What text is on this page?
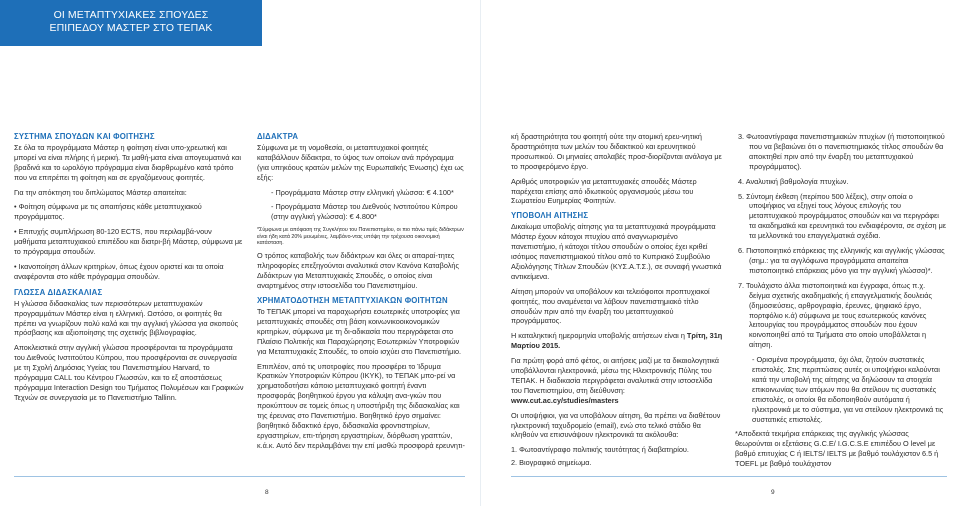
ΟΙ ΜΕΤΑΠΤΥΧΙΑΚΕΣ ΣΠΟΥΔΕΣ
ΕΠΙΠΕΔΟΥ ΜΑΣΤΕΡ ΣΤΟ ΤΕΠΑΚ
ΣΥΣΤΗΜΑ ΣΠΟΥΔΩΝ ΚΑΙ ΦΟΙΤΗΣΗΣ

Σε όλα τα προγράμματα Μάστερ η φοίτηση είναι υπο-χρεωτική και μπορεί να είναι πλήρης ή μερική. Τα μαθή-ματα είναι απογευματινά και βραδινά και το ωρολόγιο πρόγραμμα είναι διαρθρωμένο κατά τρόπο που να επιτρέπει τη φοίτηση και σε εργαζόμενους φοιτητές.

Για την απόκτηση του διπλώματος Μάστερ απαιτείται:

• Φοίτηση σύμφωνα με τις απαιτήσεις κάθε μεταπτυχιακού προγράμματος.

• Επιτυχής συμπλήρωση 80-120 ECTS, που περιλαμβά-νουν μαθήματα μεταπτυχιακού επιπέδου και διατρι-βή Μάστερ, σύμφωνα με το πρόγραμμα σπουδών.

• Ικανοποίηση άλλων κριτηρίων, όπως έχουν οριστεί και τα οποία αναφέρονται στο κάθε πρόγραμμα σπουδών.

ΓΛΩΣΣΑ ΔΙΔΑΣΚΑΛΙΑΣ

Η γλώσσα διδασκαλίας των περισσότερων μεταπτυχιακών προγραμμάτων Μάστερ είναι η ελληνική. Ωστόσο, οι φοιτητές θα πρέπει να γνωρίζουν πολύ καλά και την αγγλική γλώσσα για σκοπούς πρόσβασης και αξιοποίησης της σχετικής βιβλιογραφίας.

Αποκλειστικά στην αγγλική γλώσσα προσφέρονται τα προγράμματα του Διεθνούς Ινστιτούτου Κύπρου, που προσφέρονται σε συνεργασία με τη Σχολή Δημόσιας Υγείας του Πανεπιστημίου Harvard, το πρόγραμμα CALL του Κέντρου Γλωσσών, και το εξ αποστάσεως πρόγραμμα Interaction Design του Τμήματος Πολυμέσων και Γραφικών Τεχνών σε συνεργασία με το Πανεπιστήμιο Tallinn.

ΔΙΔΑΚΤΡΑ

Σύμφωνα με τη νομοθεσία, οι μεταπτυχιακοί φοιτητές καταβάλλουν δίδακτρα, το ύψος των οποίων ανά πρόγραμμα (για υπηκόους κρατών μελών της Ευρωπαϊκής Ένωσης) έχει ως εξής:

- Προγράμματα Μάστερ στην ελληνική γλώσσα: € 4.100*

- Προγράμματα Μάστερ του Διεθνούς Ινστιτούτου Κύπρου (στην αγγλική γλώσσα): € 4.800*

*Σύμφωνα με απόφαση της Συγκλήτου του Πανεπιστημίου, οι πιο πάνω τιμές διδάκτρων είναι ήδη κατά 20% μειωμένες, λαμβάνο-ντας υπόψη την τρέχουσα οικονομική κατάσταση.

Ο τρόπος καταβολής των διδάκτρων και όλες οι απαραί-τητες πληροφορίες επεξηγούνται αναλυτικά στον Κανόνα Καταβολής Διδάκτρων για Μεταπτυχιακές Σπουδές, ο οποίος είναι αναρτημένος στην ιστοσελίδα του Πανεπιστημίου.

ΧΡΗΜΑΤΟΔΟΤΗΣΗ ΜΕΤΑΠΤΥΧΙΑΚΩΝ ΦΟΙΤΗΤΩΝ

Το ΤΕΠΑΚ μπορεί να παραχωρήσει εσωτερικές υποτροφίες για μεταπτυχιακές σπουδές στη βάση κοινωνικοοικονομικών κριτηρίων, σύμφωνα με τη δι-αδικασία που περιγράφεται στο Πλαίσιο Πολιτικής και Παραχώρησης Εσωτερικών Υποτροφιών για Μεταπτυχιακές Σπουδές, το οποίο ισχύει στο Πανεπιστήμιο.

Επιπλέον, από τις υποτροφίες που προσφέρει το Ίδρυμα Κρατικών Υποτροφιών Κύπρου (ΙΚΥΚ), το ΤΕΠΑΚ μπο-ρεί να χρηματοδοτήσει κάποιο μεταπτυχιακό φοιτητή έναντι προσφοράς βοηθητικού έργου για κάλυψη ανα-γκών που προκύπτουν σε τομείς όπως η υποστήριξη της διδασκαλίας και της έρευνας στο Πανεπιστήμιο. Βοηθητικό έργο σημαίνει: βοηθητικό διδακτικό έργο, διδασκαλία φροντιστηρίων, εργαστηρίων, επι-τήρηση εργαστηρίων, διόρθωση γραπτών, κ.ά.κ. Αυτό δεν περιλαμβάνει την επί μισθώ προσφορά ερευνητι-

8

κή δραστηριότητα του φοιτητή ούτε την ατομική ερευ-νητική δραστηριότητα των μελών του διδακτικού και ερευνητικού προσωπικού. Οι μηνιαίες απολαβές προσ-διορίζονται ανάλογα με το προσφερόμενο έργο.

Αριθμός υποτροφιών για μεταπτυχιακές σπουδές Μάστερ παρέχεται επίσης από ιδιωτικούς οργανισμούς μέσω του Σωματείου Ευημερίας Φοιτητών.

ΥΠΟΒΟΛΗ ΑΙΤΗΣΗΣ

Δικαίωμα υποβολής αίτησης για τα μεταπτυχιακά προγράμματα Μάστερ έχουν κάτοχοι πτυχίου από αναγνωρισμένο πανεπιστήμιο, ή κάτοχοι τίτλου σπουδών ο οποίος έχει κριθεί ισότιμος πανεπιστημιακού τίτλου από το Κυπριακό Συμβούλιο Αξιολόγησης Τίτλων Σπουδών (ΚΥΣ.Α.Τ.Σ.), σε συναφή γνωστικά αντικείμενα.

Αίτηση μπορούν να υποβάλουν και τελειόφοιτοι προπτυχιακοί φοιτητές, που αναμένεται να λάβουν πανεπιστημιακό τίτλο σπουδών πριν από την έναρξη του μεταπτυχιακού προγράμματος.

Η καταληκτική ημερομηνία υποβολής αιτήσεων είναι η Τρίτη, 31η Μαρτίου 2015.

Για πρώτη φορά από φέτος, οι αιτήσεις μαζί με τα δικαιολογητικά υποβάλλονται ηλεκτρονικά, μέσω της Ηλεκτρονικής Πύλης του ΤΕΠΑΚ. Η διαδικασία περιγράφεται αναλυτικά στην ιστοσελίδα του Πανεπιστημίου, στη διεύθυνση: www.cut.ac.cy/studies/masters

Οι υποψήφιοι, για να υποβάλουν αίτηση, θα πρέπει να διαθέτουν ηλεκτρονική ταχυδρομείο (email), ενώ στο τελικό στάδιο θα κληθούν να επισυνάψουν ηλεκτρονικά τα ακόλουθα:

1. Φωτοαντίγραφο πολιτικής ταυτότητας ή διαβατηρίου.

2. Βιογραφικό σημείωμα.

3. Φωτοαντίγραφα πανεπιστημιακών πτυχίων (ή πιστοποιητικού που να βεβαιώνει ότι ο πανεπιστημιακός τίτλος σπουδών θα αποκτηθεί πριν από την έναρξη του μεταπτυχιακού προγράμματος).

4. Αναλυτική βαθμολογία πτυχίων.

5. Σύντομη έκθεση (περίπου 500 λέξεις), στην οποία ο υποψήφιος να εξηγεί τους λόγους επιλογής του μεταπτυχιακού προγράμματος σπουδών και να περιγράφει τα ακαδημαϊκά και ερευνητικά του ενδιαφέροντα, σε σχέση με τα μελλοντικά του επαγγελματικά σχέδια.

6. Πιστοποιητικό επάρκειας της ελληνικής και αγγλικής γλώσσας (σημ.: για τα αγγλόφωνα προγράμματα απαιτείται πιστοποιητικό επάρκειας μόνο για την αγγλική γλώσσα)*.

7. Τουλάχιστο άλλα πιστοποιητικά και έγγραφα, όπως π.χ. δείγμα σχετικής ακαδημαϊκής ή επαγγελματικής δουλειάς (δημοσιεύσεις, αρθρογραφία, έρευνες, ψηφιακό έργο, πορτφόλιο κ.ά) σύμφωνα με τους εσωτερικούς κανόνες λειτουργίας του προγράμματος σπουδών που έχουν κοινοποιηθεί από τα Τμήματα στο οποίο υποβάλλεται η αίτηση.

- Ορισμένα προγράμματα, όχι όλα, ζητούν συστατικές επιστολές. Στις περιπτώσεις αυτές οι υποψήφιοι καλούνται κατά την υποβολή της αίτησης να δηλώσουν τα στοιχεία επικοινωνίας των ατόμων που θα στείλουν τις συστατικές επιστολές, οι οποίοι θα ειδοποιηθούν αυτόματα ή ηλεκτρονικά με το σύστημα, για να στείλουν ηλεκτρονικά τις συστατικές επιστολές.

*Αποδεκτά τεκμήρια επάρκειας της αγγλικής γλώσσας θεωρούνται οι εξετάσεις G.C.E/ I.G.C.S.E επιπέδου O level με βαθμό επιτυχίας C ή IELTS/ IELTS με βαθμό τουλάχιστον 6.5 ή TOEFL με βαθμό τουλάχιστον

9
